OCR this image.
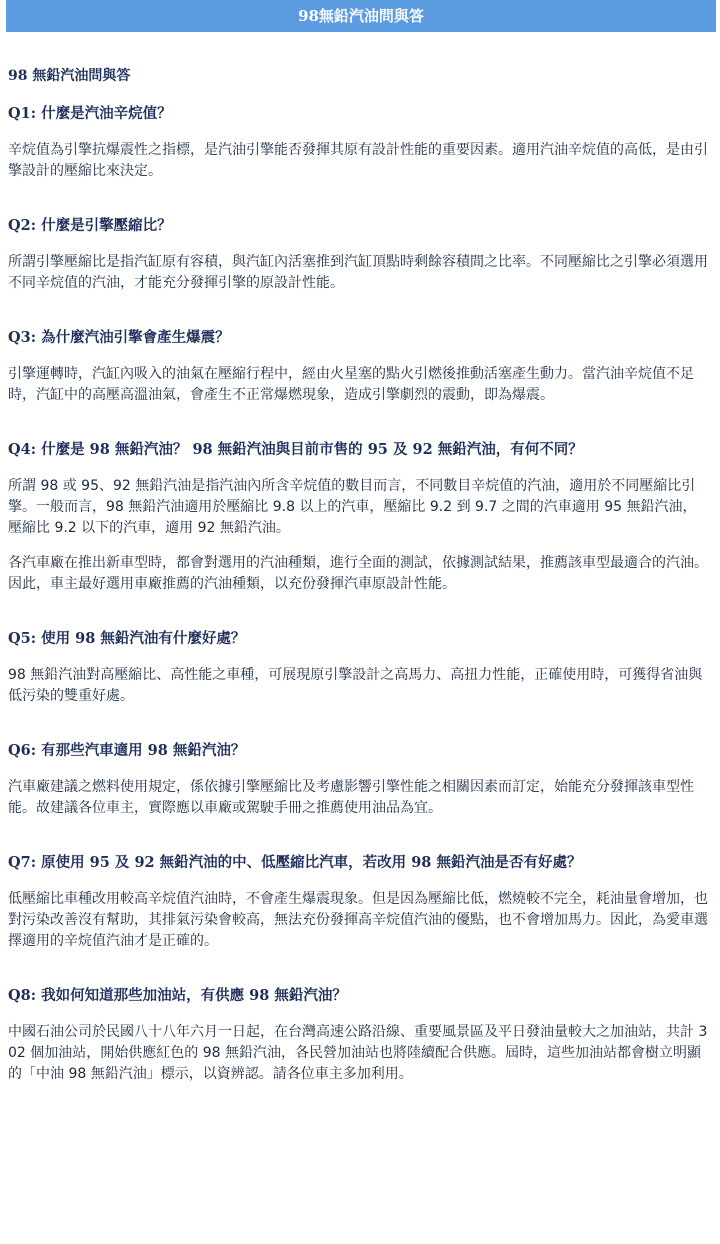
98無鉛汽油問與答
98 無鉛汽油問與答
Q1: 什麼是汽油辛烷值？
辛烷值為引擎抗爆震性之指標，是汽油引擎能否發揮其原有設計性能的重要因素。適用汽油辛烷值的高低，是由引擎設計的壓縮比來決定。
Q2: 什麼是引擎壓縮比？
所謂引擎壓縮比是指汽缸原有容積，與汽缸內活塞推到汽缸頂點時剩餘容積間之比率。不同壓縮比之引擎必須選用不同辛烷值的汽油，才能充分發揮引擎的原設計性能。
Q3: 為什麼汽油引擎會產生爆震？
引擎運轉時，汽缸內吸入的油氣在壓縮行程中，經由火星塞的點火引燃後推動活塞產生動力。當汽油辛烷值不足時，汽缸中的高壓高溫油氣，會產生不正常爆燃現象，造成引擎劇烈的震動，即為爆震。
Q4: 什麼是 98 無鉛汽油？ 98 無鉛汽油與目前市售的 95 及 92 無鉛汽油，有何不同？
所謂 98 或 95、92 無鉛汽油是指汽油內所含辛烷值的數目而言，不同數目辛烷值的汽油，適用於不同壓縮比引擎。一般而言，98 無鉛汽油適用於壓縮比 9.8 以上的汽車，壓縮比 9.2 到 9.7 之間的汽車適用 95 無鉛汽油，壓縮比 9.2 以下的汽車，適用 92 無鉛汽油。
各汽車廠在推出新車型時，都會對選用的汽油種類，進行全面的測試，依據測試結果，推薦該車型最適合的汽油。因此，車主最好選用車廠推薦的汽油種類，以充份發揮汽車原設計性能。
Q5: 使用 98 無鉛汽油有什麼好處？
98 無鉛汽油對高壓縮比、高性能之車種，可展現原引擎設計之高馬力、高扭力性能，正確使用時，可獲得省油與低污染的雙重好處。
Q6: 有那些汽車適用 98 無鉛汽油？
汽車廠建議之燃料使用規定，係依據引擎壓縮比及考慮影響引擎性能之相關因素而訂定，始能充分發揮該車型性能。故建議各位車主，實際應以車廠或駕駛手冊之推薦使用油品為宜。
Q7: 原使用 95 及 92 無鉛汽油的中、低壓縮比汽車，若改用 98 無鉛汽油是否有好處？
低壓縮比車種改用較高辛烷值汽油時，不會產生爆震現象。但是因為壓縮比低，燃燒較不完全，耗油量會增加，也對污染改善沒有幫助，其排氣污染會較高，無法充份發揮高辛烷值汽油的優點，也不會增加馬力。因此，為愛車選擇適用的辛烷值汽油才是正確的。
Q8: 我如何知道那些加油站，有供應 98 無鉛汽油？
中國石油公司於民國八十八年六月一日起，在台灣高速公路沿線、重要風景區及平日發油量較大之加油站，共計 302 個加油站，開始供應紅色的 98 無鉛汽油，各民營加油站也將陸續配合供應。屆時，這些加油站都會樹立明顯的「中油 98 無鉛汽油」標示，以資辨認。請各位車主多加利用。
